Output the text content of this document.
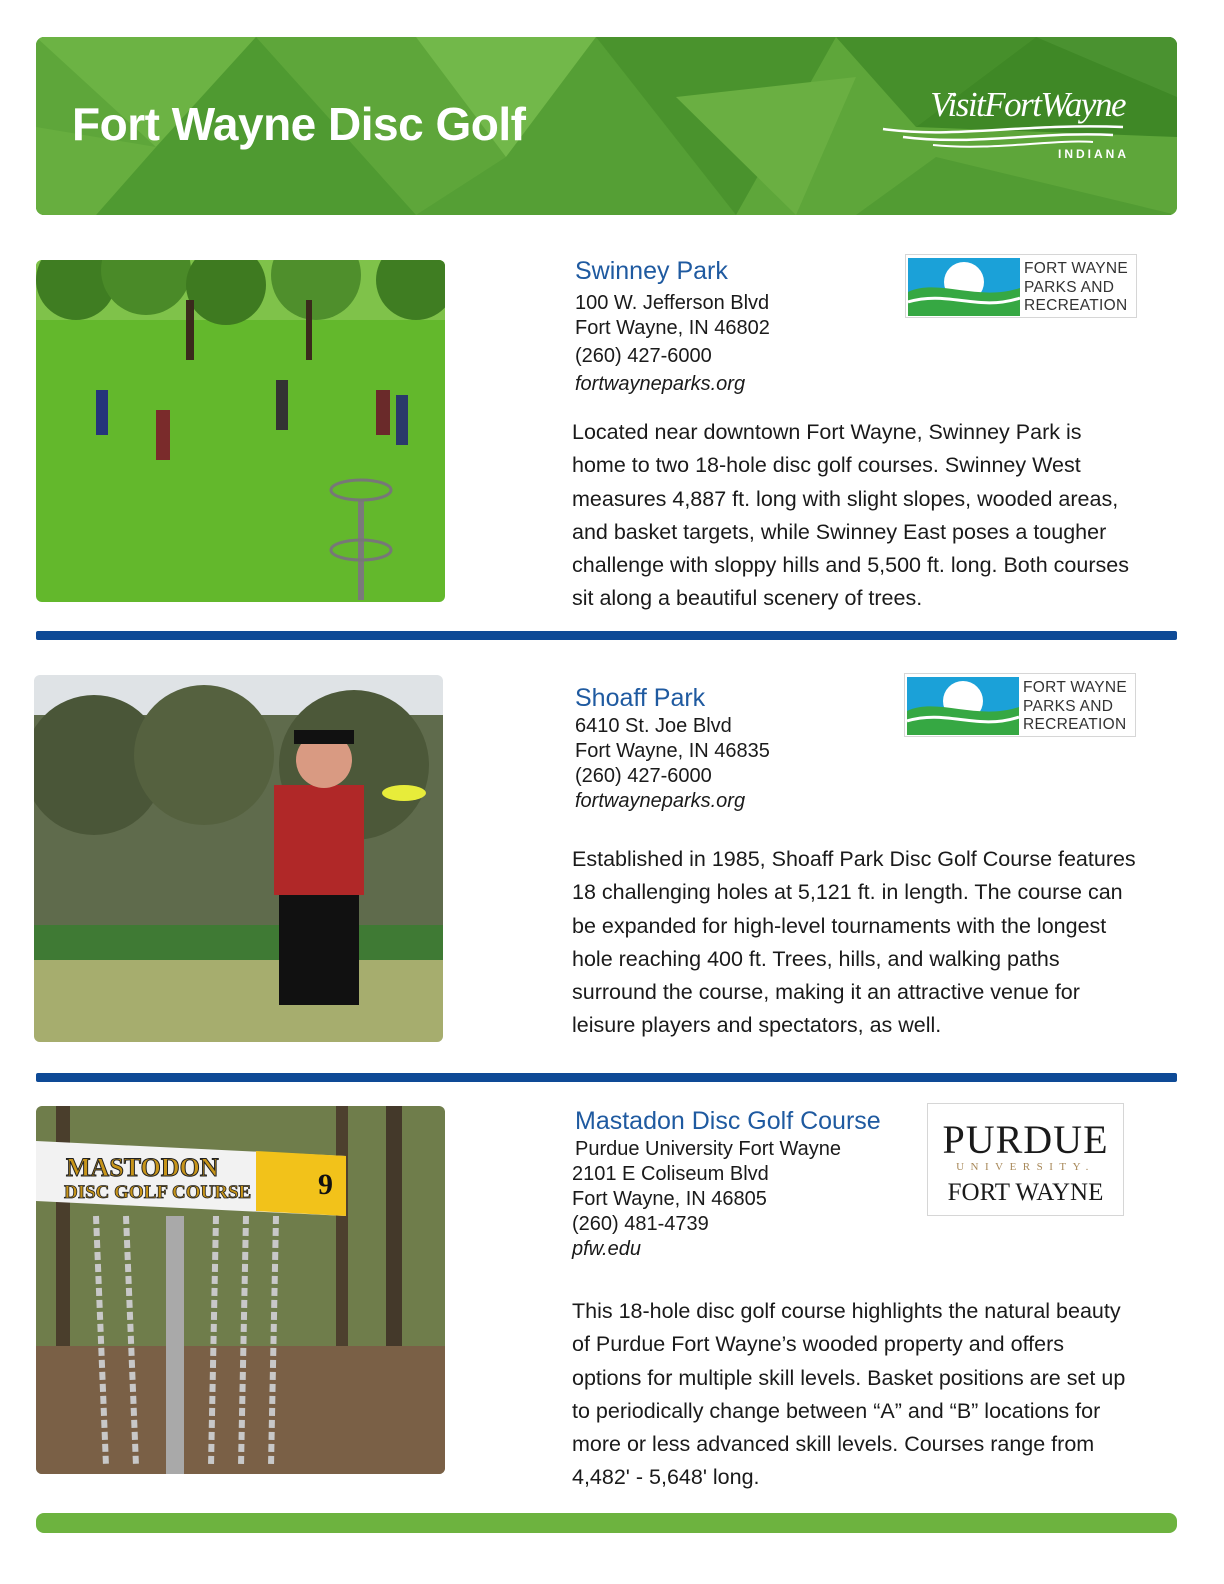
Fort Wayne Disc Golf	VisitFortWayne
INDIANA
Swinney Park
100 W. Jefferson Blvd
Fort Wayne, IN 46802
(260) 427-6000
fortwayneparks.org
FORT WAYNE
PARKS AND
RECREATION
Located near downtown Fort Wayne, Swinney Park is
home to two 18-hole disc golf courses. Swinney West
measures 4,887 ft. long with slight slopes, wooded areas,
and basket targets, while Swinney East poses a tougher
challenge with sloppy hills and 5,500 ft. long. Both courses
sit along a beautiful scenery of trees.
Shoaff Park
6410 St. Joe Blvd
Fort Wayne, IN 46835
(260) 427-6000
fortwayneparks.org
FORT WAYNE
PARKS AND
RECREATION
Established in 1985, Shoaff Park Disc Golf Course features
18 challenging holes at 5,121 ft. in length. The course can
be expanded for high-level tournaments with the longest
hole reaching 400 ft. Trees, hills, and walking paths
surround the course, making it an attractive venue for
leisure players and spectators, as well.
MASTODON
DISC GOLF COURSE 9
Mastadon Disc Golf Course
Purdue University Fort Wayne
2101 E Coliseum Blvd
Fort Wayne, IN 46805
(260) 481-4739
pfw.edu
PURDUE
UNIVERSITY.
FORT WAYNE
This 18-hole disc golf course highlights the natural beauty
of Purdue Fort Wayne’s wooded property and offers
options for multiple skill levels. Basket positions are set up
to periodically change between “A” and “B” locations for
more or less advanced skill levels. Courses range from
4,482' - 5,648' long.
